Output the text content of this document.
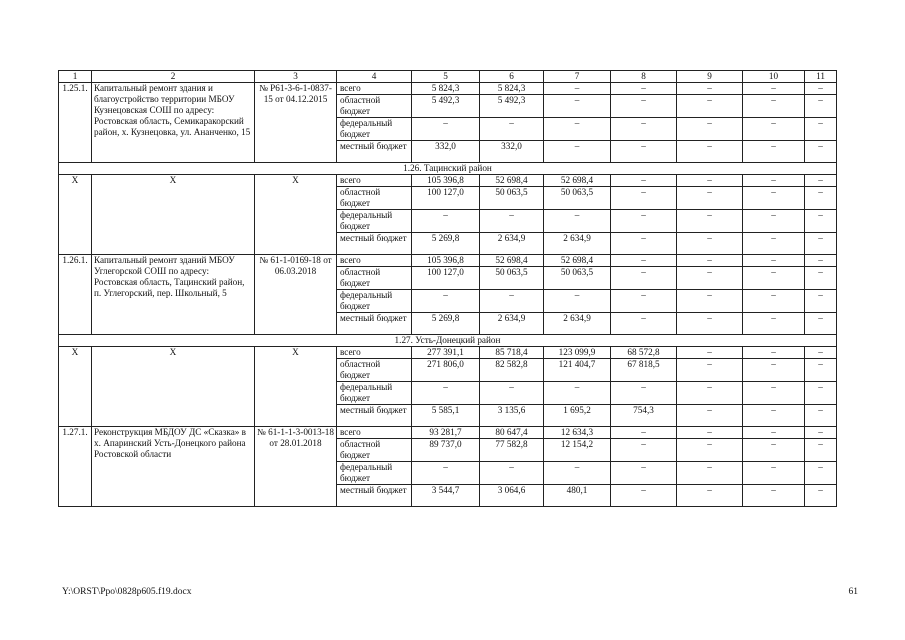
1	2	3	4	5	6	7	8	9	10	11
1.25.1.	Капитальный ремонт здания и благоустройство территории МБОУ Кузнецовская СОШ по адресу: Ростовская область, Семикаракорский район, х. Кузнецовка, ул. Ананченко, 15	№ Р61-3-6-1-0837-15 от 04.12.2015	всего	5 824,3	5 824,3	–	–	–	–	–
			областной бюджет	5 492,3	5 492,3	–	–	–	–	–
			федеральный бюджет	–	–	–	–	–	–	–
			местный бюджет	332,0	332,0	–	–	–	–	–
1.26. Тацинский район										
Х	Х	Х	всего	105 396,8	52 698,4	52 698,4	–	–	–	–
			областной бюджет	100 127,0	50 063,5	50 063,5	–	–	–	–
			федеральный бюджет	–	–	–	–	–	–	–
			местный бюджет	5 269,8	2 634,9	2 634,9	–	–	–	–
1.26.1.	Капитальный ремонт зданий МБОУ Углегорской СОШ по адресу: Ростовская область, Тацинский район, п. Углегорский, пер. Школьный, 5	№ 61-1-0169-18 от 06.03.2018	всего	105 396,8	52 698,4	52 698,4	–	–	–	–
			областной бюджет	100 127,0	50 063,5	50 063,5	–	–	–	–
			федеральный бюджет	–	–	–	–	–	–	–
			местный бюджет	5 269,8	2 634,9	2 634,9	–	–	–	–
1.27. Усть-Донецкий район										
Х	Х	Х	всего	277 391,1	85 718,4	123 099,9	68 572,8	–	–	–
			областной бюджет	271 806,0	82 582,8	121 404,7	67 818,5	–	–	–
			федеральный бюджет	–	–	–	–	–	–	–
			местный бюджет	5 585,1	3 135,6	1 695,2	754,3	–	–	–
1.27.1.	Реконструкция МБДОУ ДС «Сказка» в х. Апаринский Усть-Донецкого района Ростовской области	№ 61-1-1-3-0013-18 от 28.01.2018	всего	93 281,7	80 647,4	12 634,3	–	–	–	–
			областной бюджет	89 737,0	77 582,8	12 154,2	–	–	–	–
			федеральный бюджет	–	–	–	–	–	–	–
			местный бюджет	3 544,7	3 064,6	480,1	–	–	–	–
Y:\ORST\Ppo\0828p605.f19.docx	61
